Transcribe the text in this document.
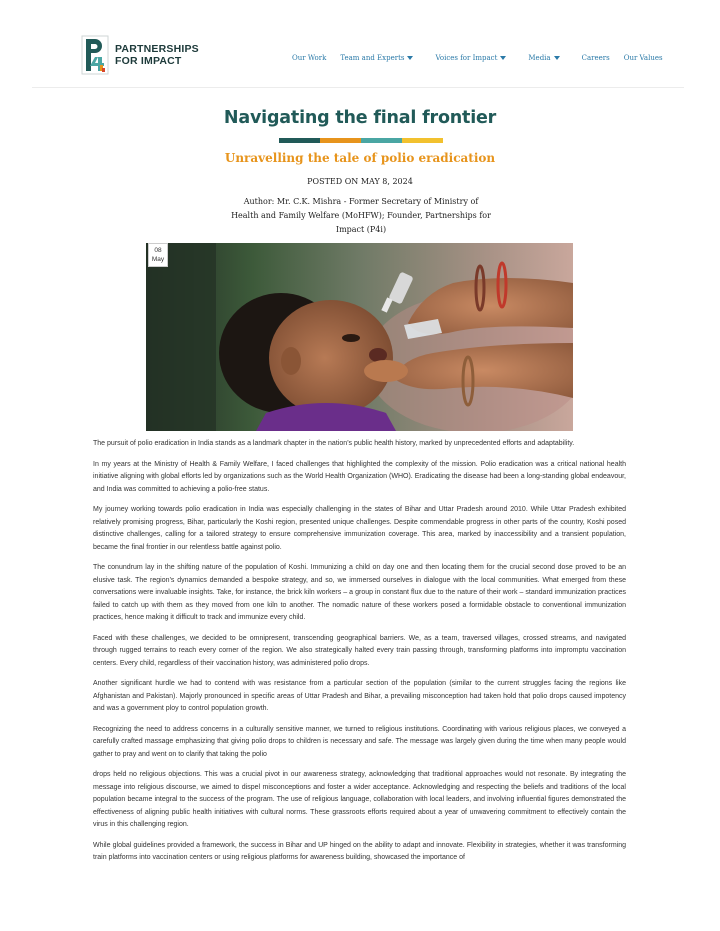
PARTNERSHIPS
FOR IMPACT	Our Work Team and Experts	Voices for Impact	Media	Careers Our Values
Navigating the final frontier
Unravelling the tale of polio eradication
POSTED ON MAY 8, 2024
Author: Mr. C.K. Mishra - Former Secretary of Ministry of Health and Family Welfare (MoHFW); Founder, Partnerships for Impact (P4i)
08
May

The pursuit of polio eradication in India stands as a landmark chapter in the nation’s public health history, marked by unprecedented efforts and adaptability.

In my years at the Ministry of Health & Family Welfare, I faced challenges that highlighted the complexity of the mission. Polio eradication was a critical national health initiative aligning with global efforts led by organizations such as the World Health Organization (WHO). Eradicating the disease had been a long-standing global endeavour, and India was committed to achieving a polio-free status.

My journey working towards polio eradication in India was especially challenging in the states of Bihar and Uttar Pradesh around 2010. While Uttar Pradesh exhibited relatively promising progress, Bihar, particularly the Koshi region, presented unique challenges. Despite commendable progress in other parts of the country, Koshi posed distinctive challenges, calling for a tailored strategy to ensure comprehensive immunization coverage. This area, marked by inaccessibility and a transient population, became the final frontier in our relentless battle against polio.

The conundrum lay in the shifting nature of the population of Koshi. Immunizing a child on day one and then locating them for the crucial second dose proved to be an elusive task. The region’s dynamics demanded a bespoke strategy, and so, we immersed ourselves in dialogue with the local communities. What emerged from these conversations were invaluable insights. Take, for instance, the brick kiln workers – a group in constant flux due to the nature of their work – standard immunization practices failed to catch up with them as they moved from one kiln to another. The nomadic nature of these workers posed a formidable obstacle to conventional immunization practices, hence making it difficult to track and immunize every child.

Faced with these challenges, we decided to be omnipresent, transcending geographical barriers. We, as a team, traversed villages, crossed streams, and navigated through rugged terrains to reach every corner of the region. We also strategically halted every train passing through, transforming platforms into impromptu vaccination centers. Every child, regardless of their vaccination history, was administered polio drops.

Another significant hurdle we had to contend with was resistance from a particular section of the population (similar to the current struggles facing the regions like Afghanistan and Pakistan). Majorly pronounced in specific areas of Uttar Pradesh and Bihar, a prevailing misconception had taken hold that polio drops caused impotency and was a government ploy to control population growth.

Recognizing the need to address concerns in a culturally sensitive manner, we turned to religious institutions. Coordinating with various religious places, we conveyed a carefully crafted massage emphasizing that giving polio drops to children is necessary and safe. The message was largely given during the time when many people would gather to pray and went on to clarify that taking the polio

drops held no religious objections. This was a crucial pivot in our awareness strategy, acknowledging that traditional approaches would not resonate. By integrating the message into religious discourse, we aimed to dispel misconceptions and foster a wider acceptance. Acknowledging and respecting the beliefs and traditions of the local population became integral to the success of the program. The use of religious language, collaboration with local leaders, and involving influential figures demonstrated the effectiveness of aligning public health initiatives with cultural norms. These grassroots efforts required about a year of unwavering commitment to effectively contain the virus in this challenging region.

While global guidelines provided a framework, the success in Bihar and UP hinged on the ability to adapt and innovate. Flexibility in strategies, whether it was transforming train platforms into vaccination centers or using religious platforms for awareness building, showcased the importance of
